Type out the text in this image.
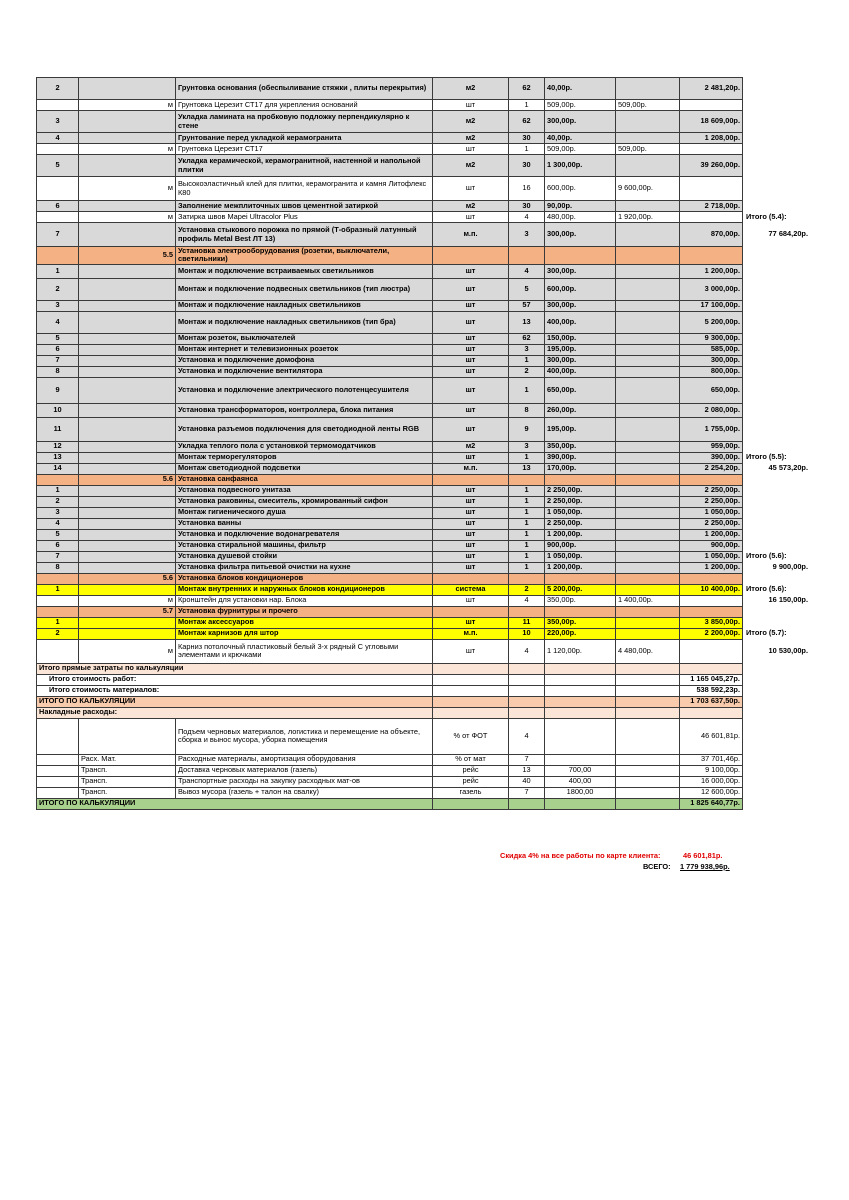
2		Грунтовка основания (обеспыливание стяжки , плиты перекрытия)	м2	62	40,00р.		2 481,20р.	
	м	Грунтовка Церезит СТ17 для укрепления оснований	шт	1	509,00р.	509,00р.		
3		Укладка ламината на пробковую подложку перпендикулярно к стене	м2	62	300,00р.		18 609,00р.	
4		Грунтование перед укладкой керамогранита	м2	30	40,00р.		1 208,00р.	
	м	Грунтовка Церезит СТ17	шт	1	509,00р.	509,00р.		
5		Укладка керамической, керамогранитной, настенной и напольной плитки	м2	30	1 300,00р.		39 260,00р.	
	м	Высокоэластичный клей для плитки, керамогранита и камня Литофлекс К80	шт	16	600,00р.	9 600,00р.		
6		Заполнение межплиточных швов цементной затиркой	м2	30	90,00р.		2 718,00р.	
	м	Затирка швов Mapei Ultracolor Plus	шт	4	480,00р.	1 920,00р.		Итого (5.4):
7		Установка стыкового порожка по прямой (Т-образный латунный профиль Metal Best ЛТ 13)	м.п.	3	300,00р.		870,00р.	77 684,20р.
	5.5	Установка электрооборудования (розетки, выключатели, светильники)						
1		Монтаж и подключение встраиваемых светильников	шт	4	300,00р.		1 200,00р.	
2		Монтаж и подключение подвесных светильников (тип люстра)	шт	5	600,00р.		3 000,00р.	
3		Монтаж и подключение накладных светильников	шт	57	300,00р.		17 100,00р.	
4		Монтаж и подключение накладных светильников (тип бра)	шт	13	400,00р.		5 200,00р.	
5		Монтаж розеток, выключателей	шт	62	150,00р.		9 300,00р.	
6		Монтаж интернет и телевизионных розеток	шт	3	195,00р.		585,00р.	
7		Установка и подключение домофона	шт	1	300,00р.		300,00р.	
8		Установка и подключение вентилятора	шт	2	400,00р.		800,00р.	
9		Установка и подключение электрического полотенцесушителя	шт	1	650,00р.		650,00р.	
10		Установка трансформаторов, контроллера, блока питания	шт	8	260,00р.		2 080,00р.	
11		Установка разъемов подключения для светодиодной ленты RGB	шт	9	195,00р.		1 755,00р.	
12		Укладка теплого пола с установкой термомодатчиков	м2	3	350,00р.		959,00р.	
13		Монтаж терморегуляторов	шт	1	390,00р.		390,00р.	Итого (5.5):
14		Монтаж светодиодной подсветки	м.п.	13	170,00р.		2 254,20р.	45 573,20р.
	5.6	Установка санфаянса						
1		Установка подвесного унитаза	шт	1	2 250,00р.		2 250,00р.	
2		Установка раковины, смеситель, хромированный сифон	шт	1	2 250,00р.		2 250,00р.	
3		Монтаж гигиенического душа	шт	1	1 050,00р.		1 050,00р.	
4		Установка ванны	шт	1	2 250,00р.		2 250,00р.	
5		Установка и подключение водонагревателя	шт	1	1 200,00р.		1 200,00р.	
6		Установка стиральной машины, фильтр	шт	1	900,00р.		900,00р.	
7		Установка душевой стойки	шт	1	1 050,00р.		1 050,00р.	Итого (5.6):
8		Установка фильтра питьевой очистки на кухне	шт	1	1 200,00р.		1 200,00р.	9 900,00р.
	5.6	Установка блоков кондиционеров						
1		Монтаж внутренних и наружных блоков кондиционеров	система	2	5 200,00р.		10 400,00р.	Итого (5.6):
	м	Кронштейн для установки нар. Блока	шт	4	350,00р.	1 400,00р.		16 150,00р.
	5.7	Установка фурнитуры и прочего						
1		Монтаж аксессуаров	шт	11	350,00р.		3 850,00р.	
2		Монтаж карнизов для штор	м.п.	10	220,00р.		2 200,00р.	Итого (5.7):
	м	Карниз потолочный пластиковый белый 3-х рядный С угловыми элементами и крючками	шт	4	1 120,00р.	4 480,00р.		10 530,00р.
Итого прямые затраты по калькуляции								
Итого стоимость работ:							1 165 045,27р.	
Итого стоимость материалов:							538 592,23р.	
ИТОГО ПО КАЛЬКУЛЯЦИИ							1 703 637,50р.	
Накладные расходы:								
		Подъем черновых материалов, логистика и перемещение на объекте, сборка и вынос мусора, уборка помещения	% от ФОТ	4			46 601,81р.	
	Расх. Мат.	Расходные материалы, амортизация оборудования	% от мат	7			37 701,46р.	
	Трансп.	Доставка черновых материалов (газель)	рейс	13	700,00		9 100,00р.	
	Трансп.	Транспортные расходы на закупку расходных мат-ов	рейс	40	400,00		16 000,00р.	
	Трансп.	Вывоз мусора (газель + талон на свалку)	газель	7	1800,00		12 600,00р.	
ИТОГО ПО КАЛЬКУЛЯЦИИ							1 825 640,77р.	
Скидка 4% на все работы по карте клиента:	46 601,81р.
ВСЕГО: 1 779 938,96р.
